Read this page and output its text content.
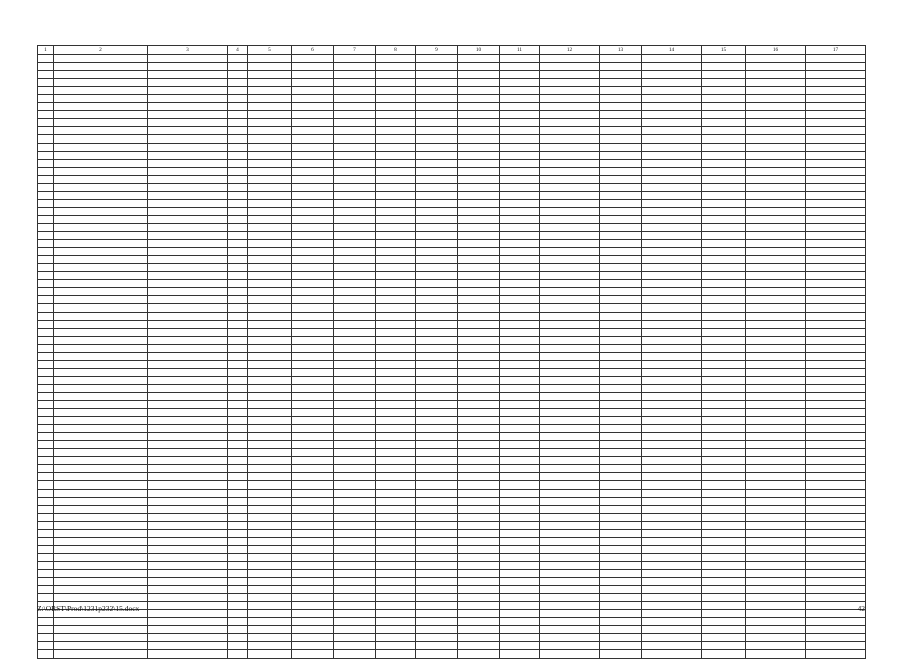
1	2	3	4	5	6	7	8	9	10	11	12	13	14	15	16	17

Z:\ORST\Prod\1231p232\15.docx	42
